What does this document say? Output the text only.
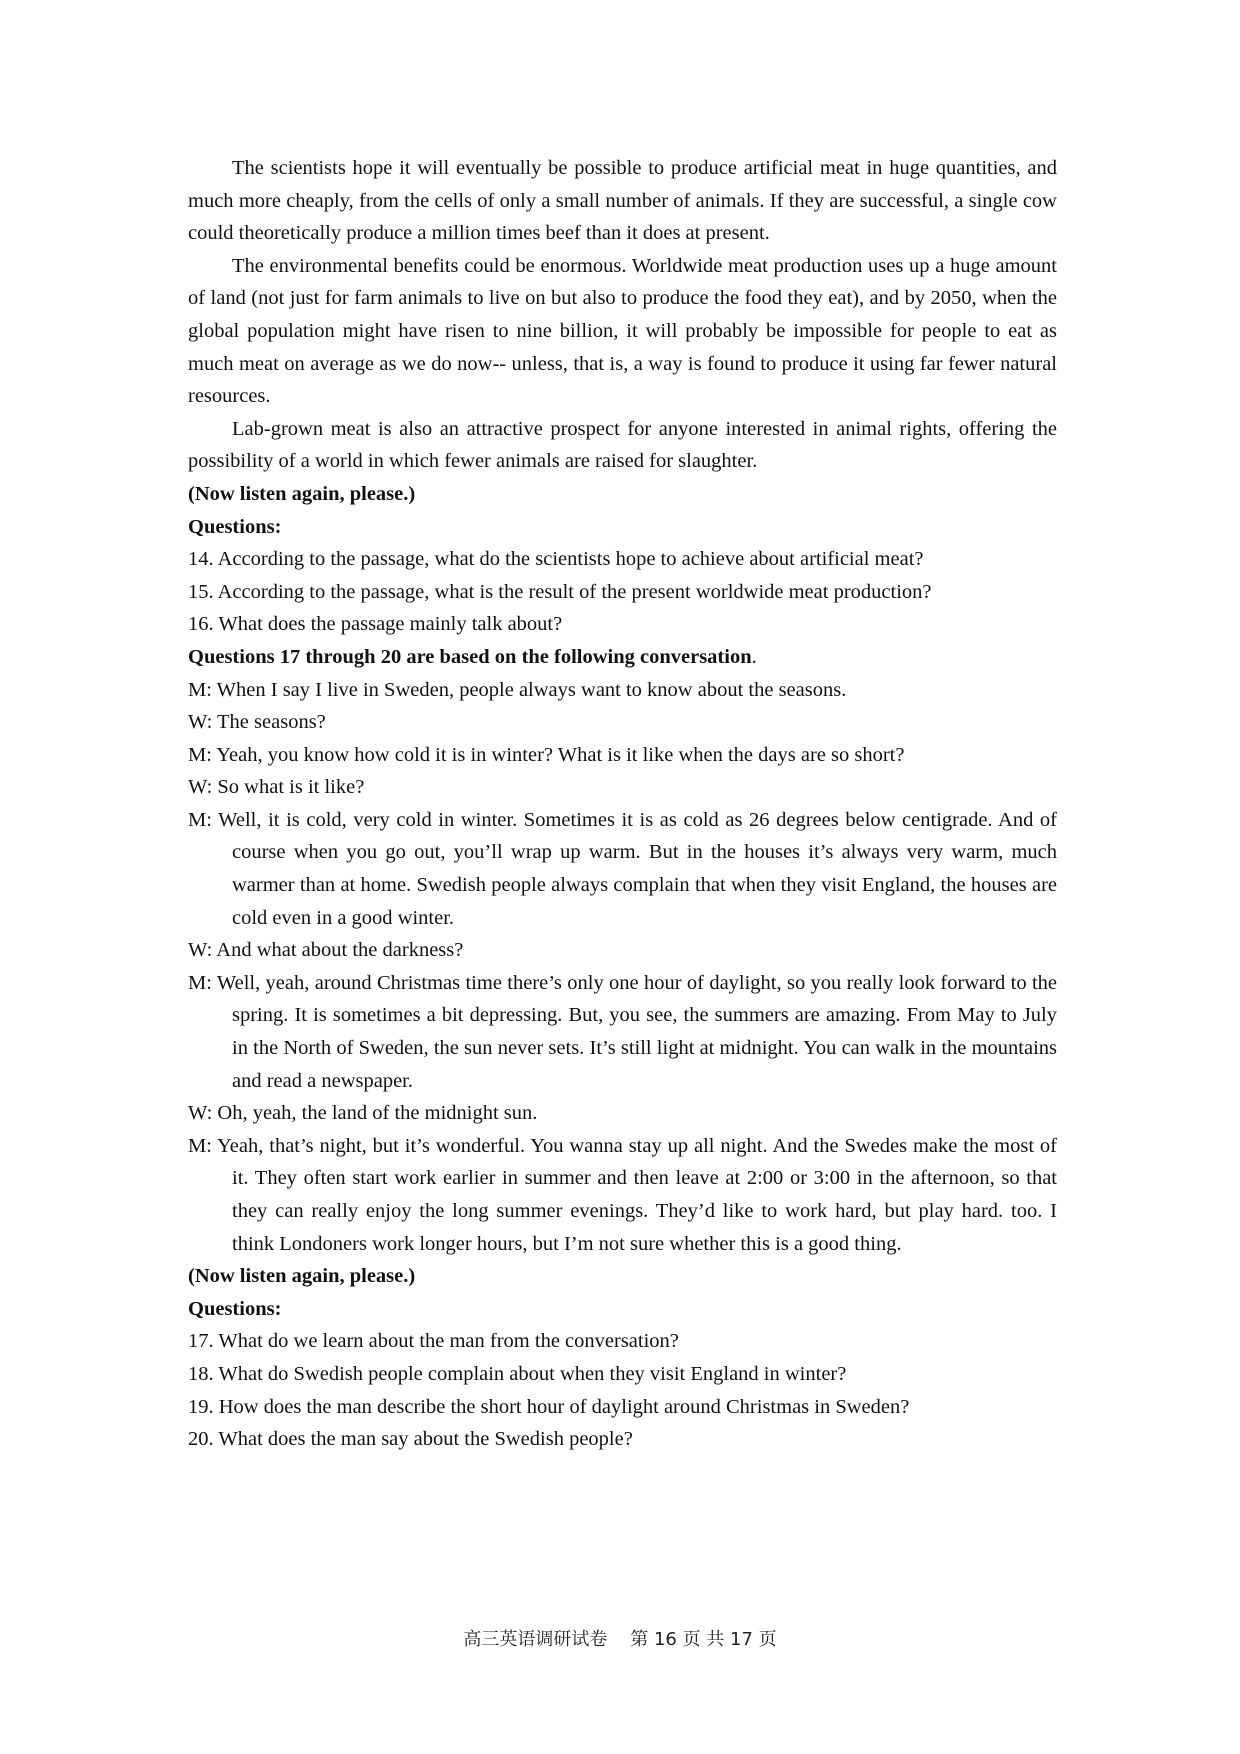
The scientists hope it will eventually be possible to produce artificial meat in huge quantities, and much more cheaply, from the cells of only a small number of animals. If they are successful, a single cow could theoretically produce a million times beef than it does at present.

The environmental benefits could be enormous. Worldwide meat production uses up a huge amount of land (not just for farm animals to live on but also to produce the food they eat), and by 2050, when the global population might have risen to nine billion, it will probably be impossible for people to eat as much meat on average as we do now-- unless, that is, a way is found to produce it using far fewer natural resources.

Lab-grown meat is also an attractive prospect for anyone interested in animal rights, offering the possibility of a world in which fewer animals are raised for slaughter.

(Now listen again, please.)

Questions:

14. According to the passage, what do the scientists hope to achieve about artificial meat?

15. According to the passage, what is the result of the present worldwide meat production?

16. What does the passage mainly talk about?

Questions 17 through 20 are based on the following conversation.

M: When I say I live in Sweden, people always want to know about the seasons.

W: The seasons?

M: Yeah, you know how cold it is in winter? What is it like when the days are so short?

W: So what is it like?

M: Well, it is cold, very cold in winter. Sometimes it is as cold as 26 degrees below centigrade. And of course when you go out, you’ll wrap up warm. But in the houses it’s always very warm, much warmer than at home. Swedish people always complain that when they visit England, the houses are cold even in a good winter.

W: And what about the darkness?

M: Well, yeah, around Christmas time there’s only one hour of daylight, so you really look forward to the spring. It is sometimes a bit depressing. But, you see, the summers are amazing. From May to July in the North of Sweden, the sun never sets. It’s still light at midnight. You can walk in the mountains and read a newspaper.

W: Oh, yeah, the land of the midnight sun.

M: Yeah, that’s night, but it’s wonderful. You wanna stay up all night. And the Swedes make the most of it. They often start work earlier in summer and then leave at 2:00 or 3:00 in the afternoon, so that they can really enjoy the long summer evenings. They’d like to work hard, but play hard. too. I think Londoners work longer hours, but I’m not sure whether this is a good thing.

(Now listen again, please.)

Questions:

17. What do we learn about the man from the conversation?

18. What do Swedish people complain about when they visit England in winter?

19. How does the man describe the short hour of daylight around Christmas in Sweden?

20. What does the man say about the Swedish people?

高三英语调研试卷    第 16 页 共 17 页
